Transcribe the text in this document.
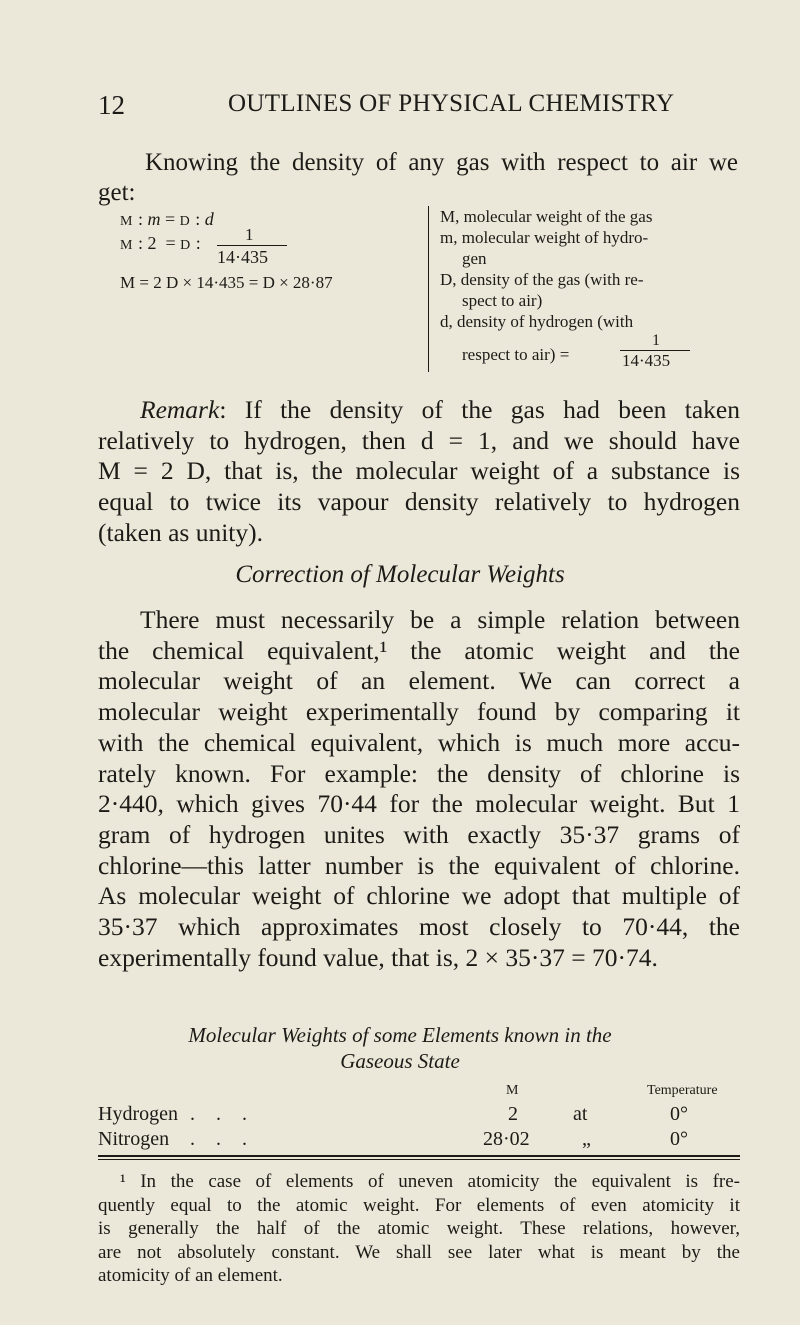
12	OUTLINES OF PHYSICAL CHEMISTRY
Knowing the density of any gas with respect to air we
get:
M : m = D : d
M : 2  = D :	1
14·435
M = 2 D × 14·435 = D × 28·87
M, molecular weight of the gas
m, molecular weight of hydro-
gen
D, density of the gas (with re-
spect to air)
d, density of hydrogen (with
respect to air) =
1
14·435
Remark: If the density of the gas had been taken
relatively to hydrogen, then d = 1, and we should have
M = 2 D, that is, the molecular weight of a substance is
equal to twice its vapour density relatively to hydrogen
(taken as unity).
Correction of Molecular Weights
There must necessarily be a simple relation between
the chemical equivalent,¹ the atomic weight and the
molecular weight of an element. We can correct a
molecular weight experimentally found by comparing it
with the chemical equivalent, which is much more accu-
rately known. For example: the density of chlorine is
2·440, which gives 70·44 for the molecular weight. But 1
gram of hydrogen unites with exactly 35·37 grams of
chlorine—this latter number is the equivalent of chlorine.
As molecular weight of chlorine we adopt that multiple of
35·37 which approximates most closely to 70·44, the
experimentally found value, that is, 2 × 35·37 = 70·74.
Molecular Weights of some Elements known in the
Gaseous State
M	Temperature
Hydrogen . . .	2	at	0°
Nitrogen . . .	28·02	„	0°
¹ In the case of elements of uneven atomicity the equivalent is fre-
quently equal to the atomic weight. For elements of even atomicity it
is generally the half of the atomic weight. These relations, however,
are not absolutely constant. We shall see later what is meant by the
atomicity of an element.
